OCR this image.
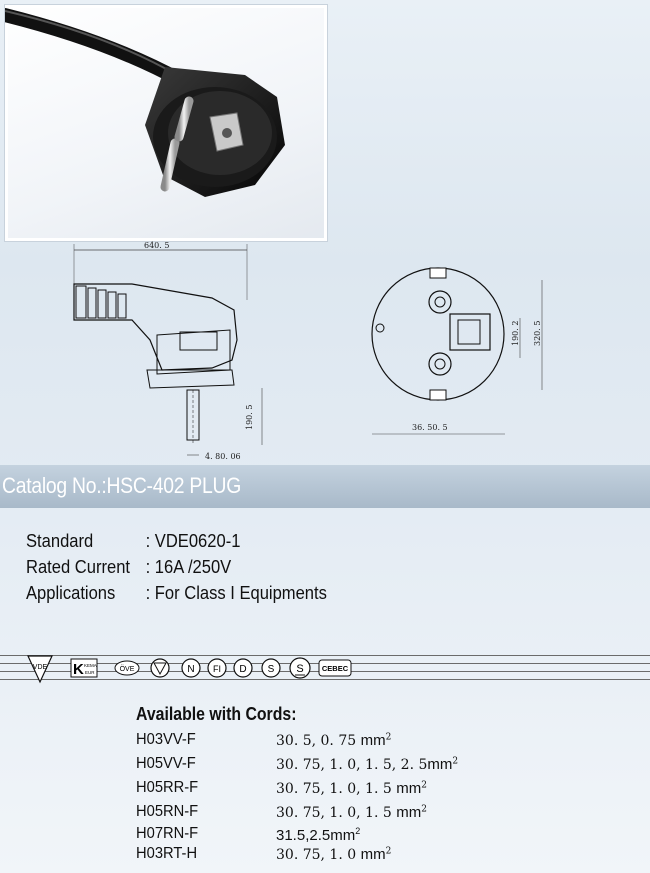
640. 5
190. 5
4. 80. 06
190. 2 320. 5
36. 50. 5
Catalog No.:HSC-402 PLUG
Standard	: VDE0620-1
Rated Current : 16A /250V
Applications : For Class I Equipments
VDE K KEMA
EUR	ÖVE	N FI D S S CEBEC
Available with Cords:
H03VV-F	30. 5, 0. 75 $mm^2$
H05VV-F	30. 75, 1. 0, 1. 5, 2. $5mm^2$
H05RR-F	30. 75, 1. 0, 1. 5 $mm^2$
H05RN-F	30. 75, 1. 0, 1. 5 $mm^2$
H07RN-F	$31.5,2.5mm^2$
H03RT-H	30. 75, 1. 0 $mm^2$
